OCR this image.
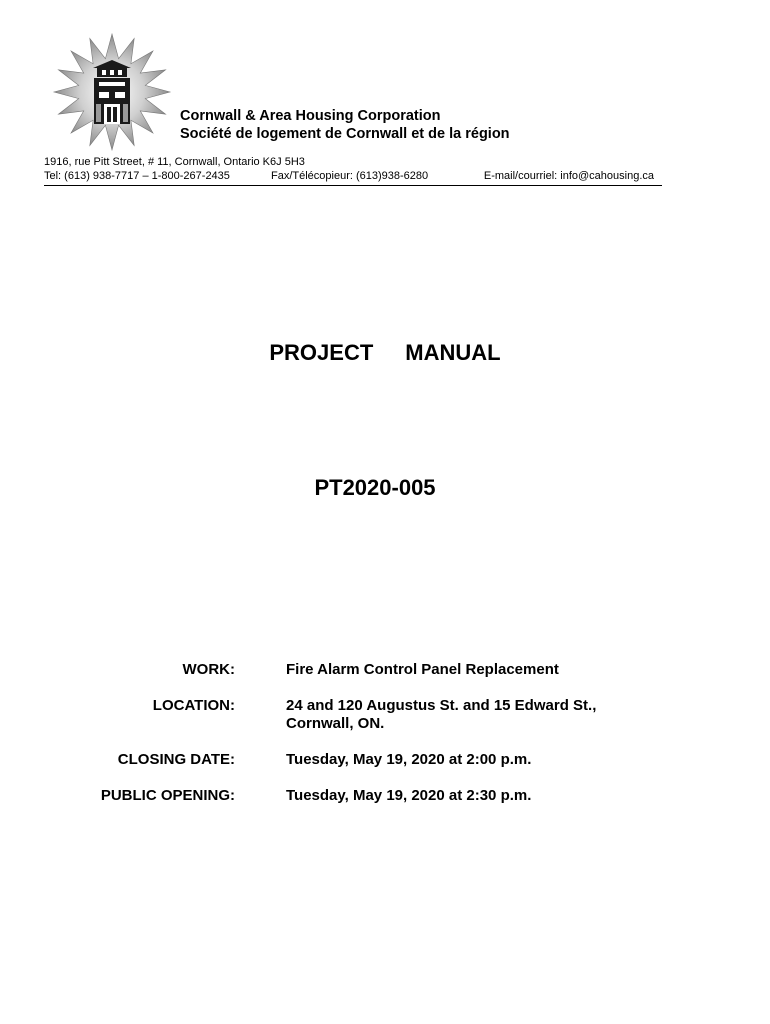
Cornwall & Area Housing Corporation
Société de logement de Cornwall et de la région
1916, rue Pitt Street, # 11, Cornwall, Ontario K6J 5H3
Tel: (613) 938-7717 – 1-800-267-2435	Fax/Télécopieur: (613)938-6280	E-mail/courriel: info@cahousing.ca
PROJECT MANUAL
PT2020-005
WORK:	Fire Alarm Control Panel Replacement
LOCATION:	24 and 120 Augustus St. and 15 Edward St.,
Cornwall, ON.
CLOSING DATE:	Tuesday, May 19, 2020 at 2:00 p.m.
PUBLIC OPENING:	Tuesday, May 19, 2020 at 2:30 p.m.
